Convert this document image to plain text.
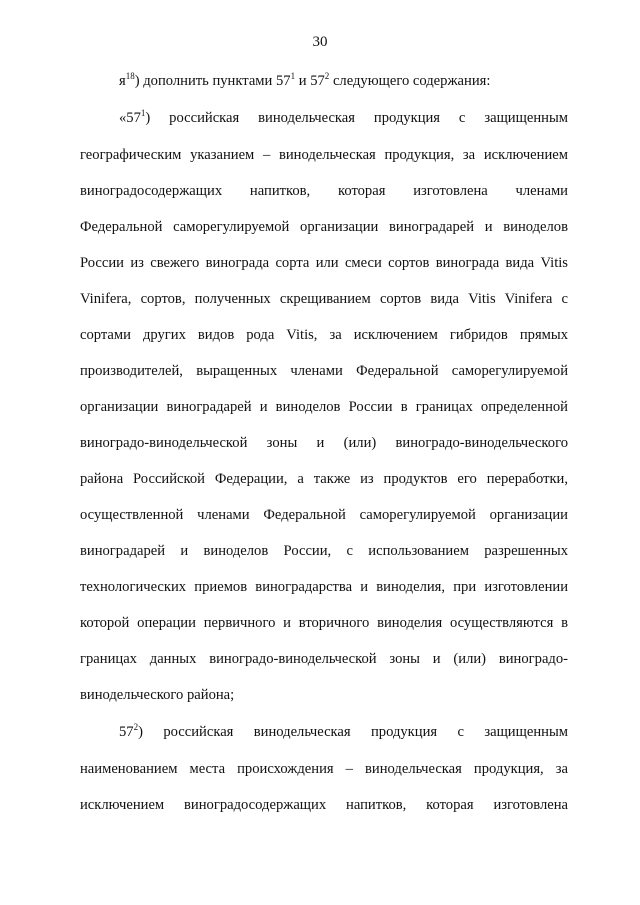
30
$я^{18}$) дополнить пунктами $57^1$ и $57^2$ следующего содержания:
«$57^1$) российская винодельческая продукция с защищенным
географическим указанием – винодельческая продукция, за исключением
виноградосодержащих напитков, которая изготовлена членами
Федеральной саморегулируемой организации виноградарей и виноделов
России из свежего винограда сорта или смеси сортов винограда вида Vitis
Vinifera, сортов, полученных скрещиванием сортов вида Vitis Vinifera с
сортами других видов рода Vitis, за исключением гибридов прямых
производителей, выращенных членами Федеральной саморегулируемой
организации виноградарей и виноделов России в границах определенной
виноградо-винодельческой зоны и (или) виноградо-винодельческого
района Российской Федерации, а также из продуктов его переработки,
осуществленной членами Федеральной саморегулируемой организации
виноградарей и виноделов России, с использованием разрешенных
технологических приемов виноградарства и виноделия, при изготовлении
которой операции первичного и вторичного виноделия осуществляются в
границах данных виноградо-винодельческой зоны и (или) виноградо-
винодельческого района;
$57^2$) российская винодельческая продукция с защищенным
наименованием места происхождения – винодельческая продукция, за
исключением виноградосодержащих напитков, которая изготовлена
